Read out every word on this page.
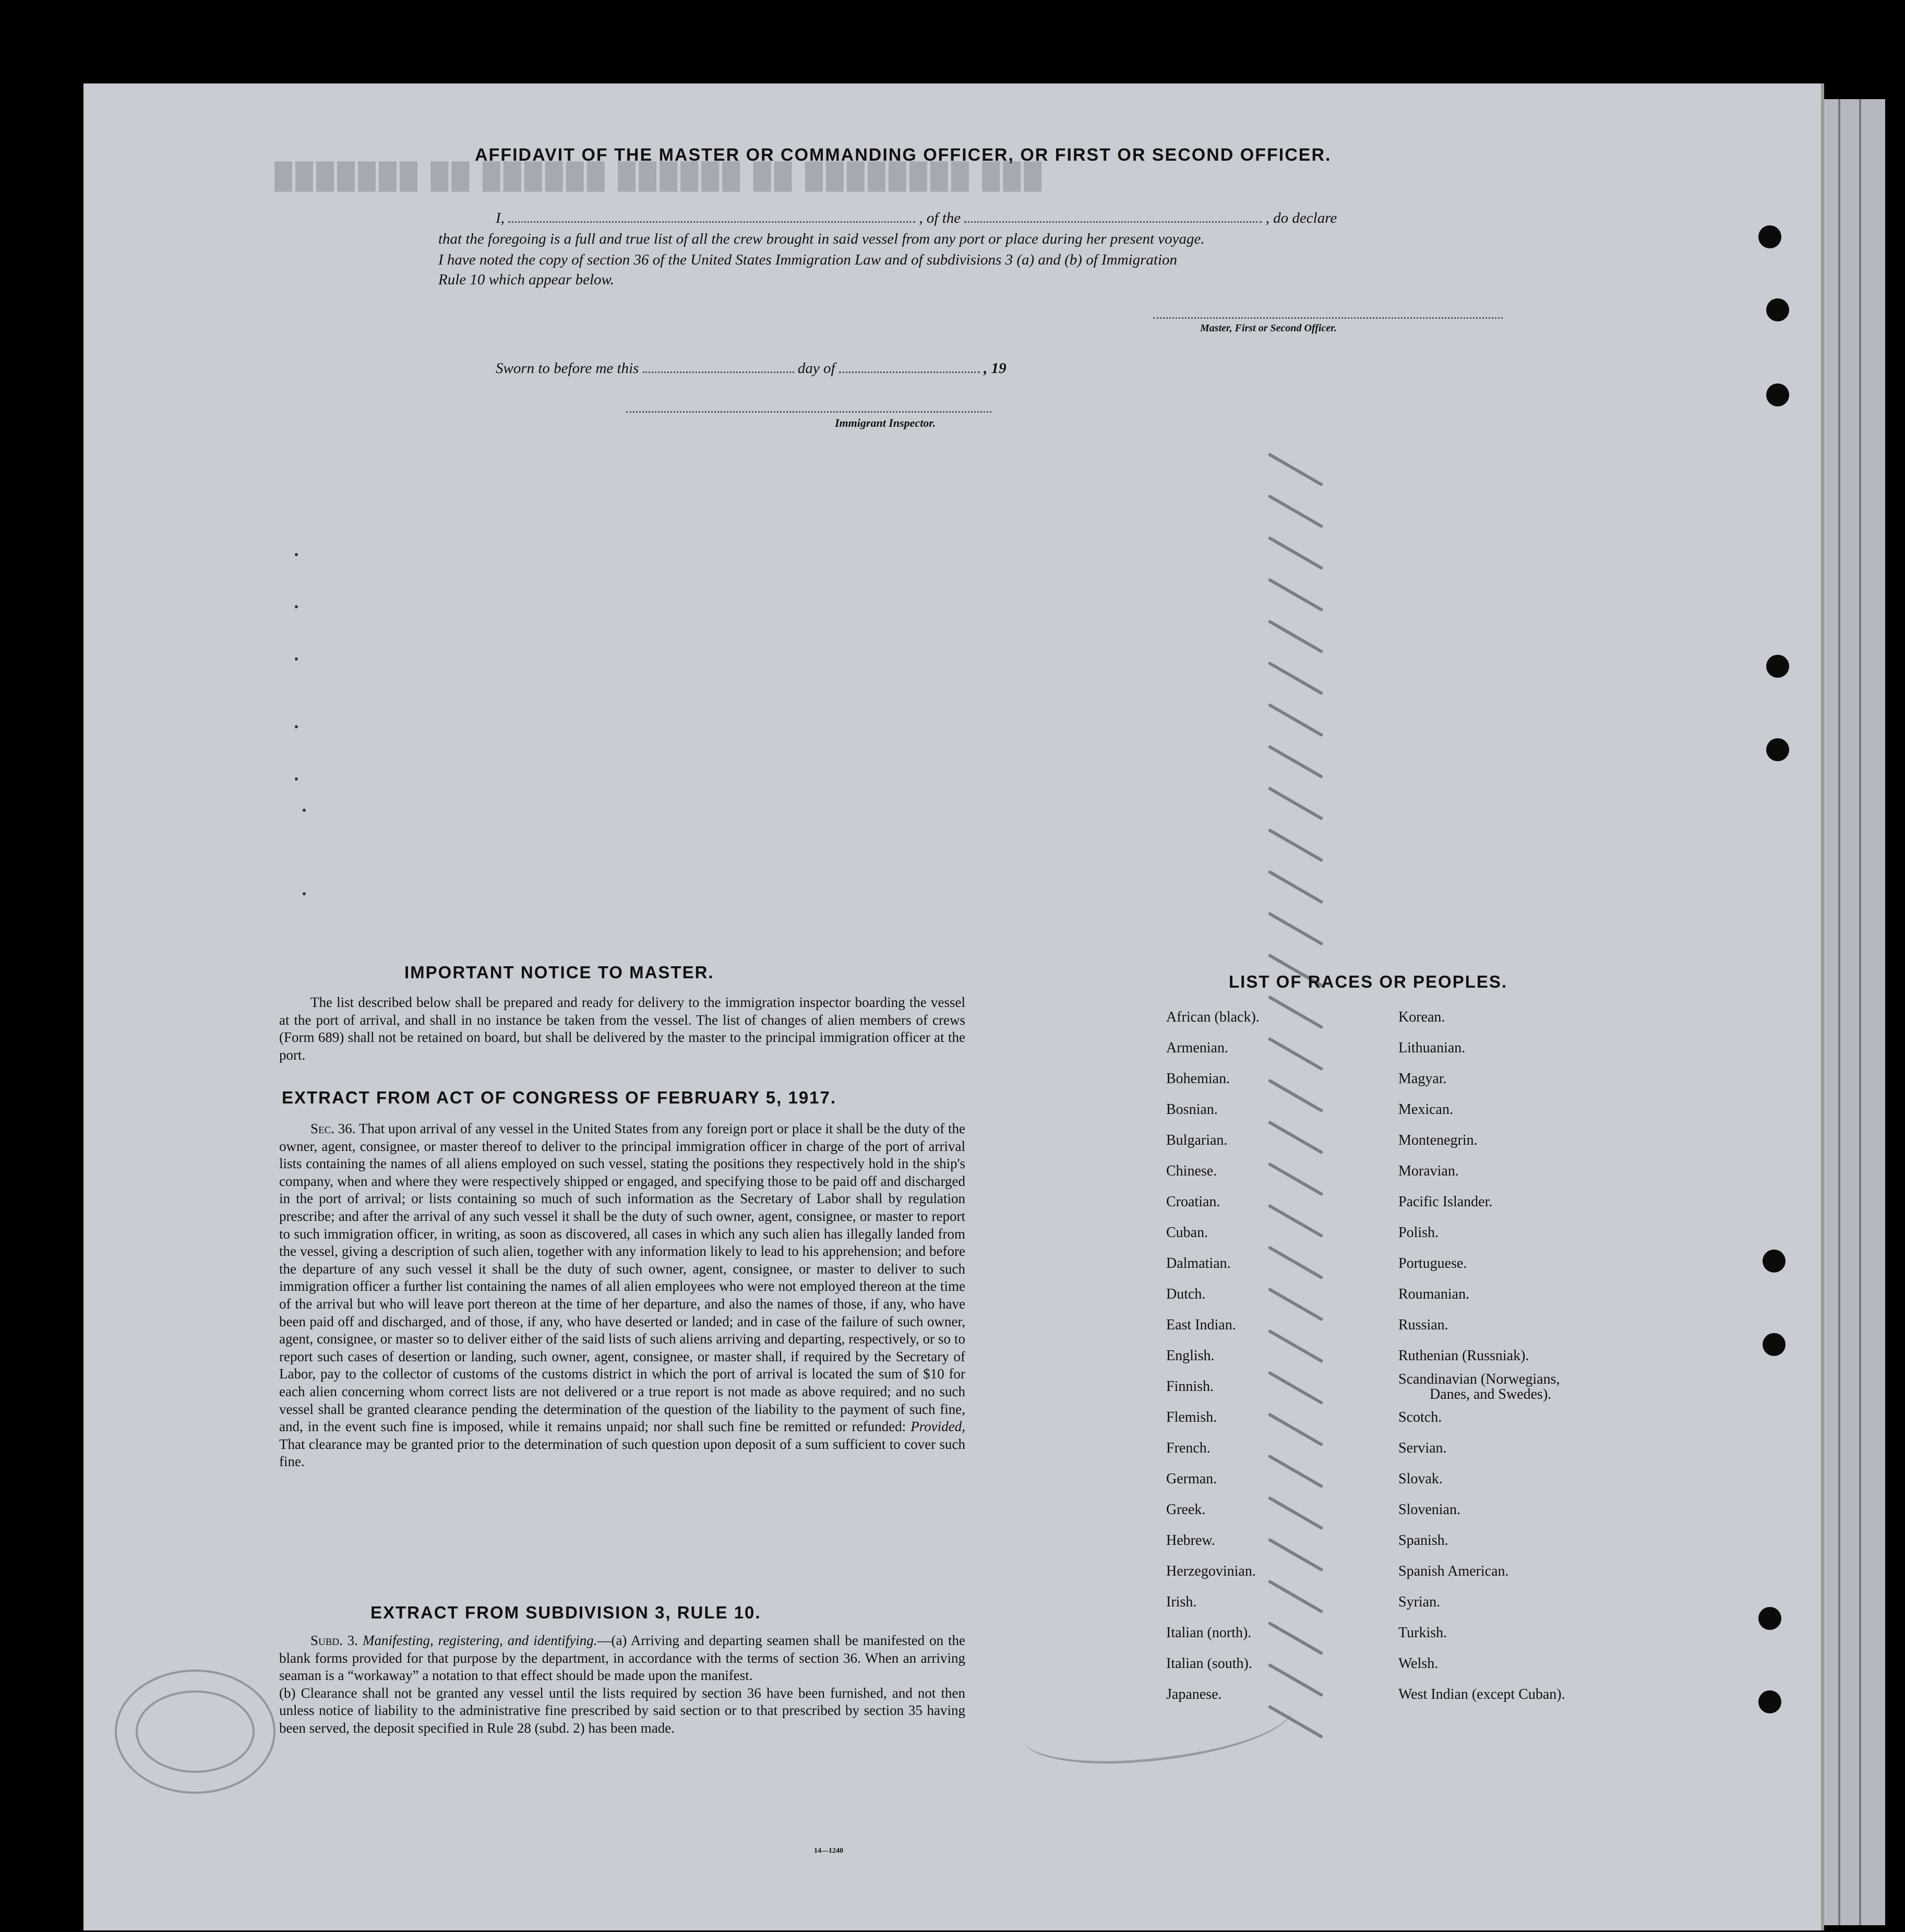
███ ████████ ██ ██████ ██████ ██ ███████
AFFIDAVIT OF THE MASTER OR COMMANDING OFFICER, OR FIRST OR SECOND OFFICER.
I,	, of the	, do declare
that the foregoing is a full and true list of all the crew brought in said vessel from any port or place during her present voyage.
I have noted the copy of section 36 of the United States Immigration Law and of subdivisions 3 (a) and (b) of Immigration
Rule 10 which appear below.
Master, First or Second Officer.
Sworn to before me this	day of	, 19
Immigrant Inspector.
IMPORTANT NOTICE TO MASTER.

The list described below shall be prepared and ready for delivery to the immigration inspector boarding the vessel at the port of arrival, and shall in no instance be taken from the vessel. The list of changes of alien members of crews (Form 689) shall not be retained on board, but shall be delivered by the master to the principal immigration officer at the port.

EXTRACT FROM ACT OF CONGRESS OF FEBRUARY 5, 1917.

Sec. 36. That upon arrival of any vessel in the United States from any foreign port or place it shall be the duty of the owner, agent, consignee, or master thereof to deliver to the principal immigration officer in charge of the port of arrival lists containing the names of all aliens employed on such vessel, stating the positions they respectively hold in the ship's company, when and where they were respectively shipped or engaged, and specifying those to be paid off and discharged in the port of arrival; or lists containing so much of such information as the Secretary of Labor shall by regulation prescribe; and after the arrival of any such vessel it shall be the duty of such owner, agent, consignee, or master to report to such immigration officer, in writing, as soon as discovered, all cases in which any such alien has illegally landed from the vessel, giving a description of such alien, together with any information likely to lead to his apprehension; and before the departure of any such vessel it shall be the duty of such owner, agent, consignee, or master to deliver to such immigration officer a further list containing the names of all alien employees who were not employed thereon at the time of the arrival but who will leave port thereon at the time of her departure, and also the names of those, if any, who have been paid off and discharged, and of those, if any, who have deserted or landed; and in case of the failure of such owner, agent, consignee, or master so to deliver either of the said lists of such aliens arriving and departing, respectively, or so to report such cases of desertion or landing, such owner, agent, consignee, or master shall, if required by the Secretary of Labor, pay to the collector of customs of the customs district in which the port of arrival is located the sum of $10 for each alien concerning whom correct lists are not delivered or a true report is not made as above required; and no such vessel shall be granted clearance pending the determination of the question of the liability to the payment of such fine, and, in the event such fine is imposed, while it remains unpaid; nor shall such fine be remitted or refunded: Provided, That clearance may be granted prior to the determination of such question upon deposit of a sum sufficient to cover such fine.

EXTRACT FROM SUBDIVISION 3, RULE 10.

Subd. 3. Manifesting, registering, and identifying.—(a) Arriving and departing seamen shall be manifested on the blank forms provided for that purpose by the department, in accordance with the terms of section 36. When an arriving seaman is a “workaway” a notation to that effect should be made upon the manifest.

(b) Clearance shall not be granted any vessel until the lists required by section 36 have been furnished, and not then unless notice of liability to the administrative fine prescribed by said section or to that prescribed by section 35 having been served, the deposit specified in Rule 28 (subd. 2) has been made.

14—1240
LIST OF RACES OR PEOPLES.
African (black).
Armenian.
Bohemian.
Bosnian.
Bulgarian.
Chinese.
Croatian.
Cuban.
Dalmatian.
Dutch.
East Indian.
English.
Finnish.
Flemish.
French.
German.
Greek.
Hebrew.
Herzegovinian.
Irish.
Italian (north).
Italian (south).
Japanese.
Korean.
Lithuanian.
Magyar.
Mexican.
Montenegrin.
Moravian.
Pacific Islander.
Polish.
Portuguese.
Roumanian.
Russian.
Ruthenian (Russniak).
Scandinavian (Norwegians,
Danes, and Swedes).
Scotch.
Servian.
Slovak.
Slovenian.
Spanish.
Spanish American.
Syrian.
Turkish.
Welsh.
West Indian (except Cuban).
